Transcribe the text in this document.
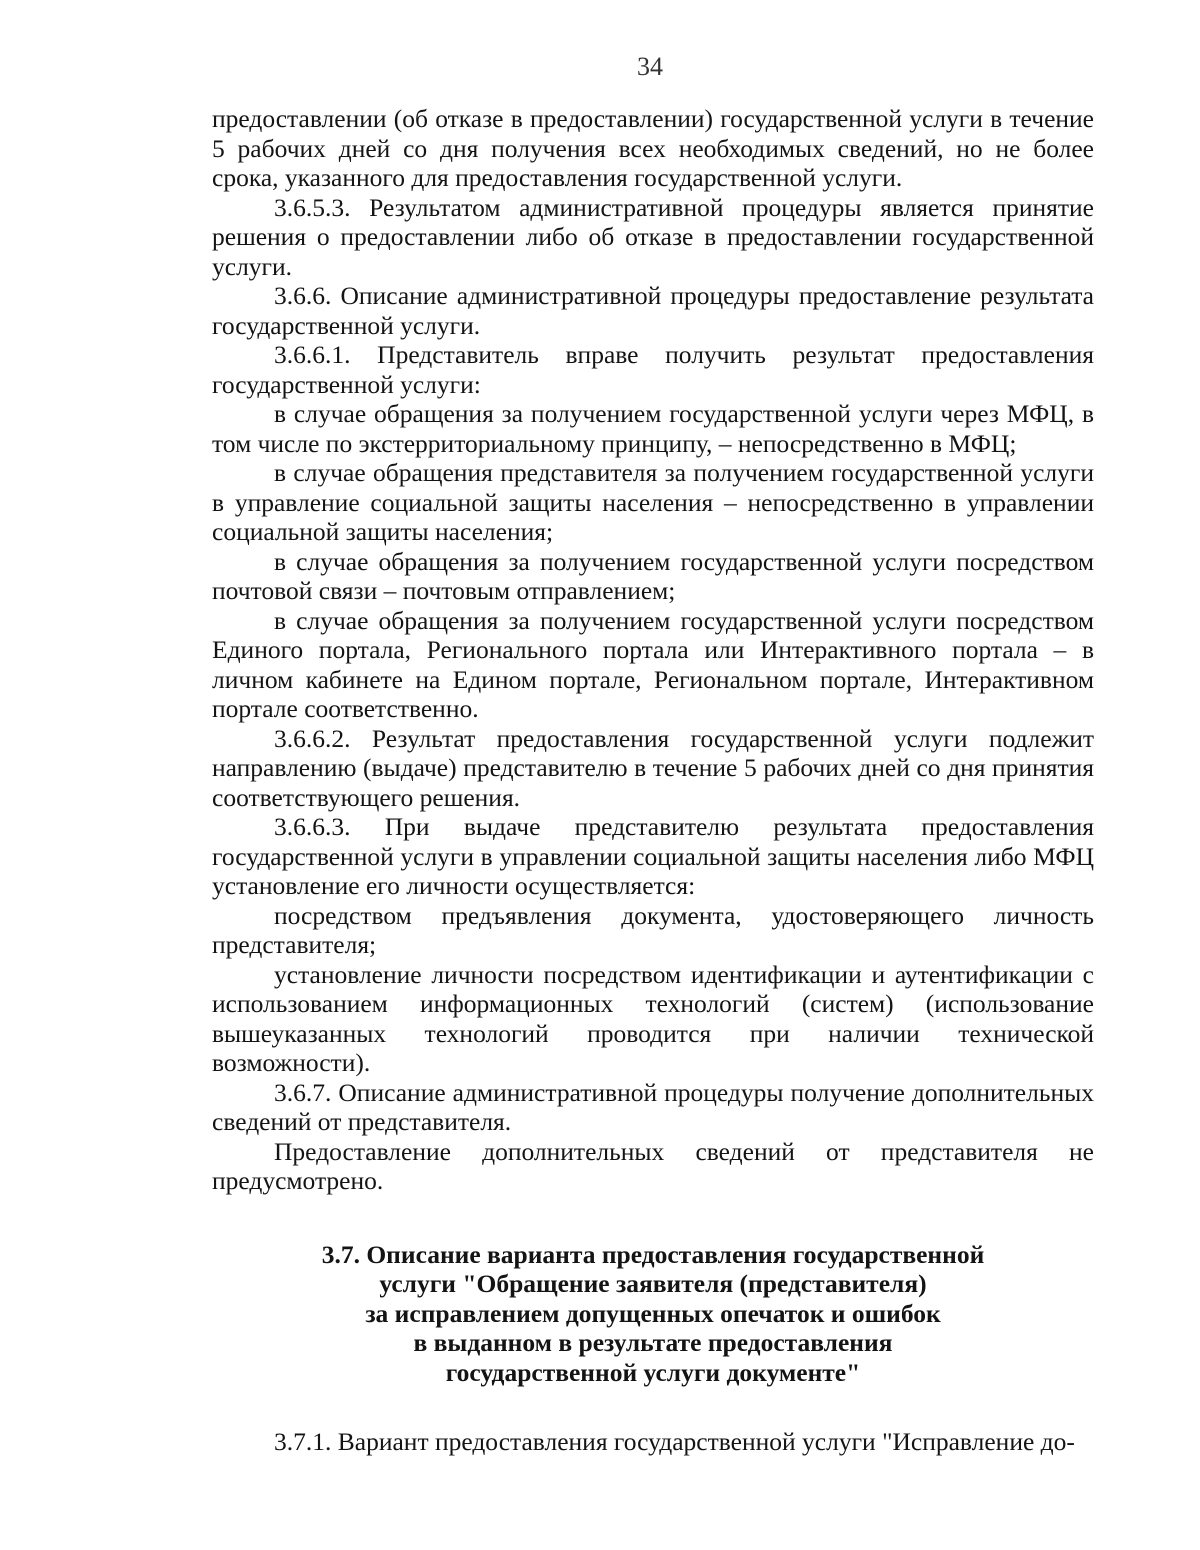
34

предоставлении (об отказе в предоставлении) государственной услуги в течение 5 рабочих дней со дня получения всех необходимых сведений, но не более срока, указанного для предоставления государственной услуги.

3.6.5.3. Результатом административной процедуры является принятие решения о предоставлении либо об отказе в предоставлении государственной услуги.

3.6.6. Описание административной процедуры предоставление результата государственной услуги.

3.6.6.1. Представитель вправе получить результат предоставления государственной услуги:

в случае обращения за получением государственной услуги через МФЦ, в том числе по экстерриториальному принципу, – непосредственно в МФЦ;

в случае обращения представителя за получением государственной услуги в управление социальной защиты населения – непосредственно в управлении социальной защиты населения;

в случае обращения за получением государственной услуги посредством почтовой связи – почтовым отправлением;

в случае обращения за получением государственной услуги посредством Единого портала, Регионального портала или Интерактивного портала – в личном кабинете на Едином портале, Региональном портале, Интерактивном портале соответственно.

3.6.6.2. Результат предоставления государственной услуги подлежит направлению (выдаче) представителю в течение 5 рабочих дней со дня принятия соответствующего решения.

3.6.6.3. При выдаче представителю результата предоставления государственной услуги в управлении социальной защиты населения либо МФЦ установление его личности осуществляется:

посредством предъявления документа, удостоверяющего личность представителя;

установление личности посредством идентификации и аутентификации с использованием информационных технологий (систем) (использование вышеуказанных технологий проводится при наличии технической возможности).

3.6.7. Описание административной процедуры получение дополнительных сведений от представителя.

Предоставление дополнительных сведений от представителя не предусмотрено.

3.7. Описание варианта предоставления государственной
услуги "Обращение заявителя (представителя)
за исправлением допущенных опечаток и ошибок
в выданном в результате предоставления
государственной услуги документе"

3.7.1. Вариант предоставления государственной услуги "Исправление до-
